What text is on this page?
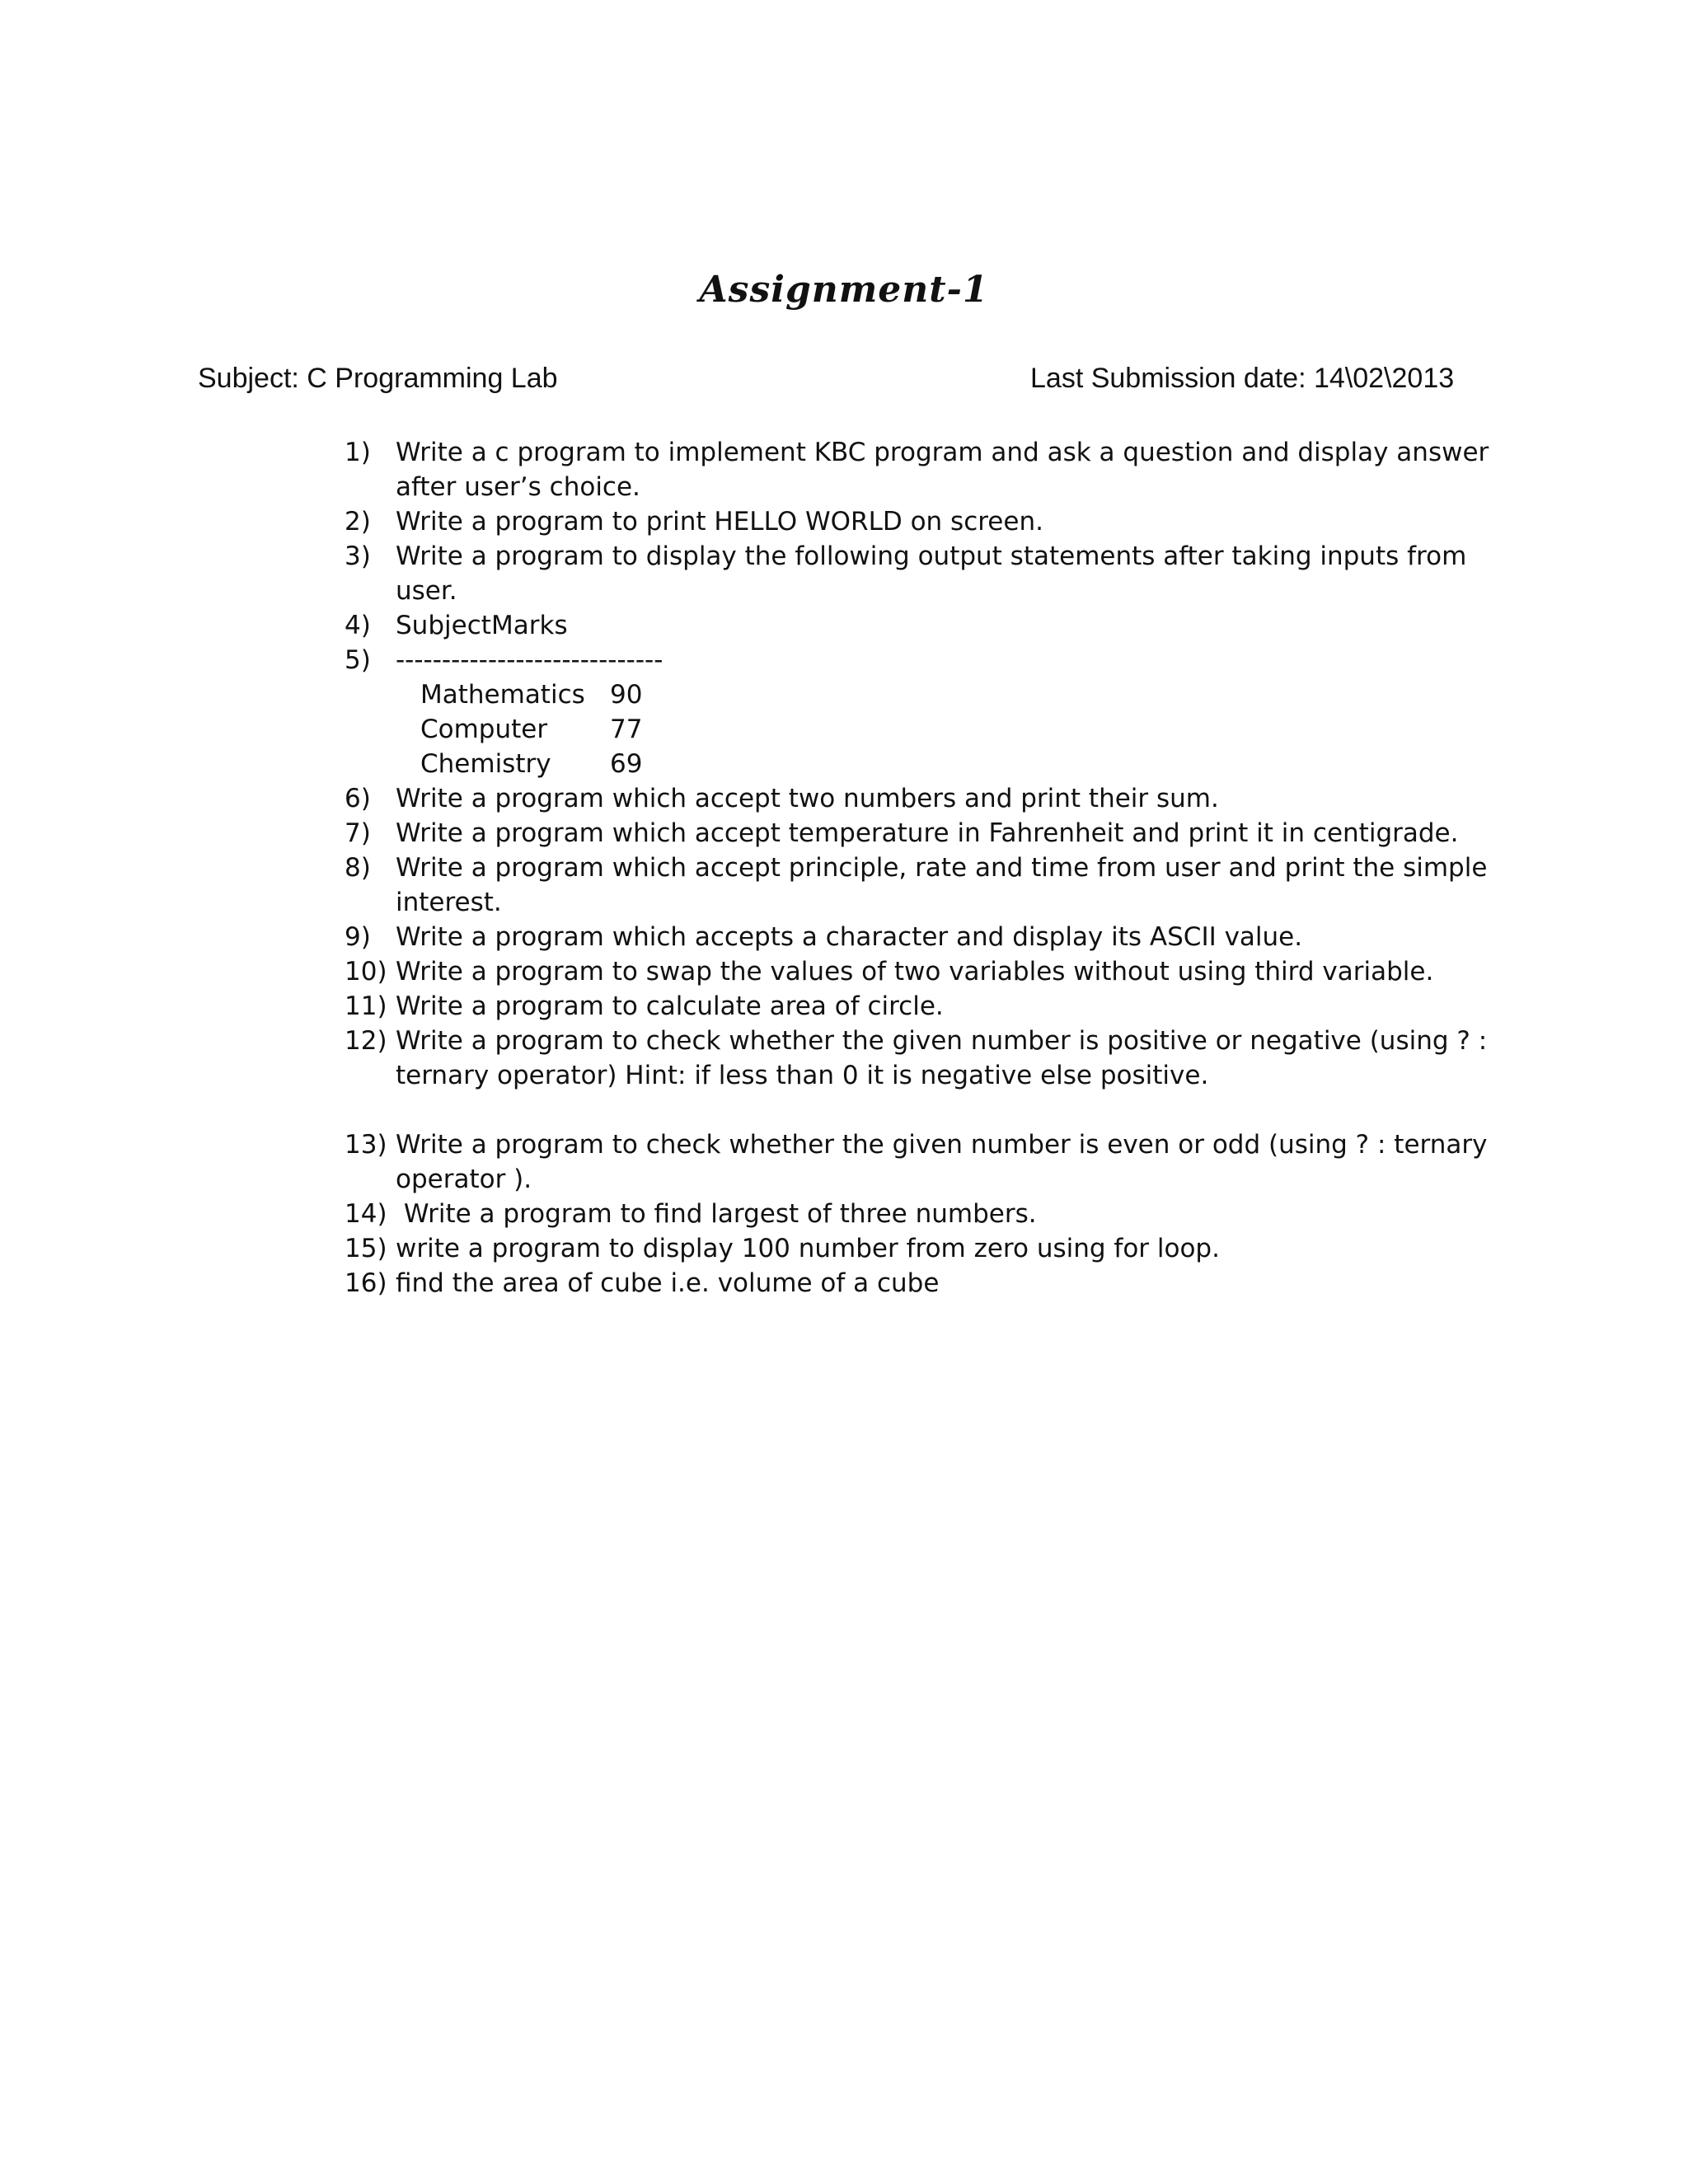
Assignment-1
Subject: C Programming Lab	Last Submission date: 14\02\2013
1) Write a c program to implement KBC program and ask a question and display answer after user’s choice.
2) Write a program to print HELLO WORLD on screen.
3) Write a program to display the following output statements after taking inputs from user.
4) Subject Marks
5) -----------------------------
Mathematics 90
Computer	77
Chemistry	69
6) Write a program which accept two numbers and print their sum.
7) Write a program which accept temperature in Fahrenheit and print it in centigrade.
8) Write a program which accept principle, rate and time from user and print the simple interest.
9) Write a program which accepts a character and display its ASCII value.
10) Write a program to swap the values of two variables without using third variable.
11) Write a program to calculate area of circle.
12) Write a program to check whether the given number is positive or negative (using ? : ternary operator) Hint: if less than 0 it is negative else positive.
13) Write a program to check whether the given number is even or odd (using ? : ternary operator ).
14) Write a program to find largest of three numbers.
15) write a program to display 100 number from zero using for loop.
16) find the area of cube i.e. volume of a cube
